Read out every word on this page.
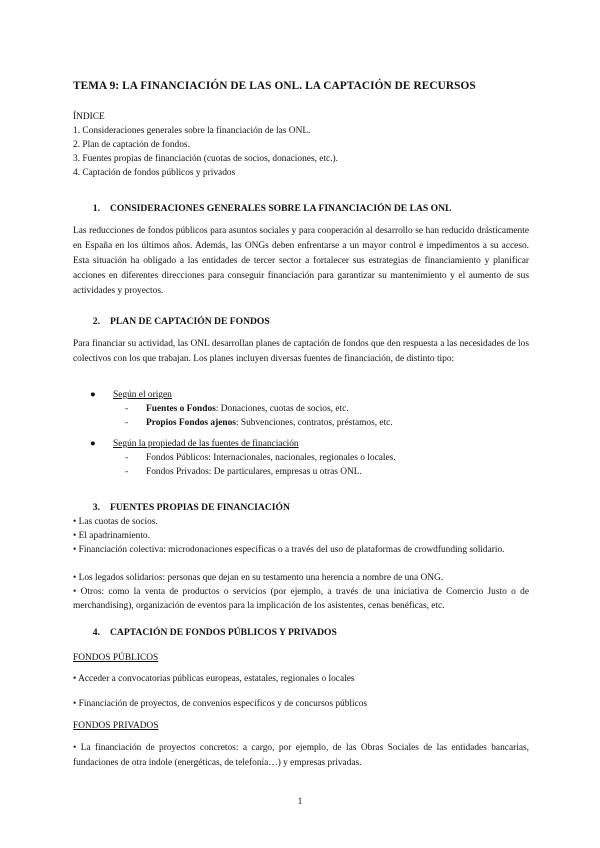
TEMA 9: LA FINANCIACIÓN DE LAS ONL. LA CAPTACIÓN DE RECURSOS
ÍNDICE
1. Consideraciones generales sobre la financiación de las ONL.
2. Plan de captación de fondos.
3. Fuentes propias de financiación (cuotas de socios, donaciones, etc.).
4. Captación de fondos públicos y privados
1. CONSIDERACIONES GENERALES SOBRE LA FINANCIACIÓN DE LAS ONL

Las reducciones de fondos públicos para asuntos sociales y para cooperación al desarrollo se han reducido drásticamente en España en los últimos años. Además, las ONGs deben enfrentarse a un mayor control e impedimentos a su acceso. Esta situación ha obligado a las entidades de tercer sector a fortalecer sus estrategias de financiamiento y planificar acciones en diferentes direcciones para conseguir financiación para garantizar su mantenimiento y el aumento de sus actividades y proyectos.

2. PLAN DE CAPTACIÓN DE FONDOS

Para financiar su actividad, las ONL desarrollan planes de captación de fondos que den respuesta a las necesidades de los colectivos con los que trabajan. Los planes incluyen diversas fuentes de financiación, de distinto tipo:

● Según el origen
- Fuentes o Fondos: Donaciones, cuotas de socios, etc.
- Propios Fondos ajenos: Subvenciones, contratos, préstamos, etc.
● Según la propiedad de las fuentes de financiación
- Fondos Públicos: Internacionales, nacionales, regionales o locales.
- Fondos Privados: De particulares, empresas u otras ONL.
3. FUENTES PROPIAS DE FINANCIACIÓN
• Las cuotas de socios.
• El apadrinamiento.

• Financiación colectiva: microdonaciones específicas o a través del uso de plataformas de crowdfunding solidario.

• Los legados solidarios: personas que dejan en su testamento una herencia a nombre de una ONG.

• Otros: como la venta de productos o servicios (por ejemplo, a través de una iniciativa de Comercio Justo o de merchandising), organización de eventos para la implicación de los asistentes, cenas benéficas, etc.

4. CAPTACIÓN DE FONDOS PÚBLICOS Y PRIVADOS
FONDOS PÚBLICOS
• Acceder a convocatorias públicas europeas, estatales, regionales o locales
• Financiación de proyectos, de convenios específicos y de concursos públicos
FONDOS PRIVADOS

• La financiación de proyectos concretos: a cargo, por ejemplo, de las Obras Sociales de las entidades bancarias, fundaciones de otra índole (energéticas, de telefonía…) y empresas privadas.

1
